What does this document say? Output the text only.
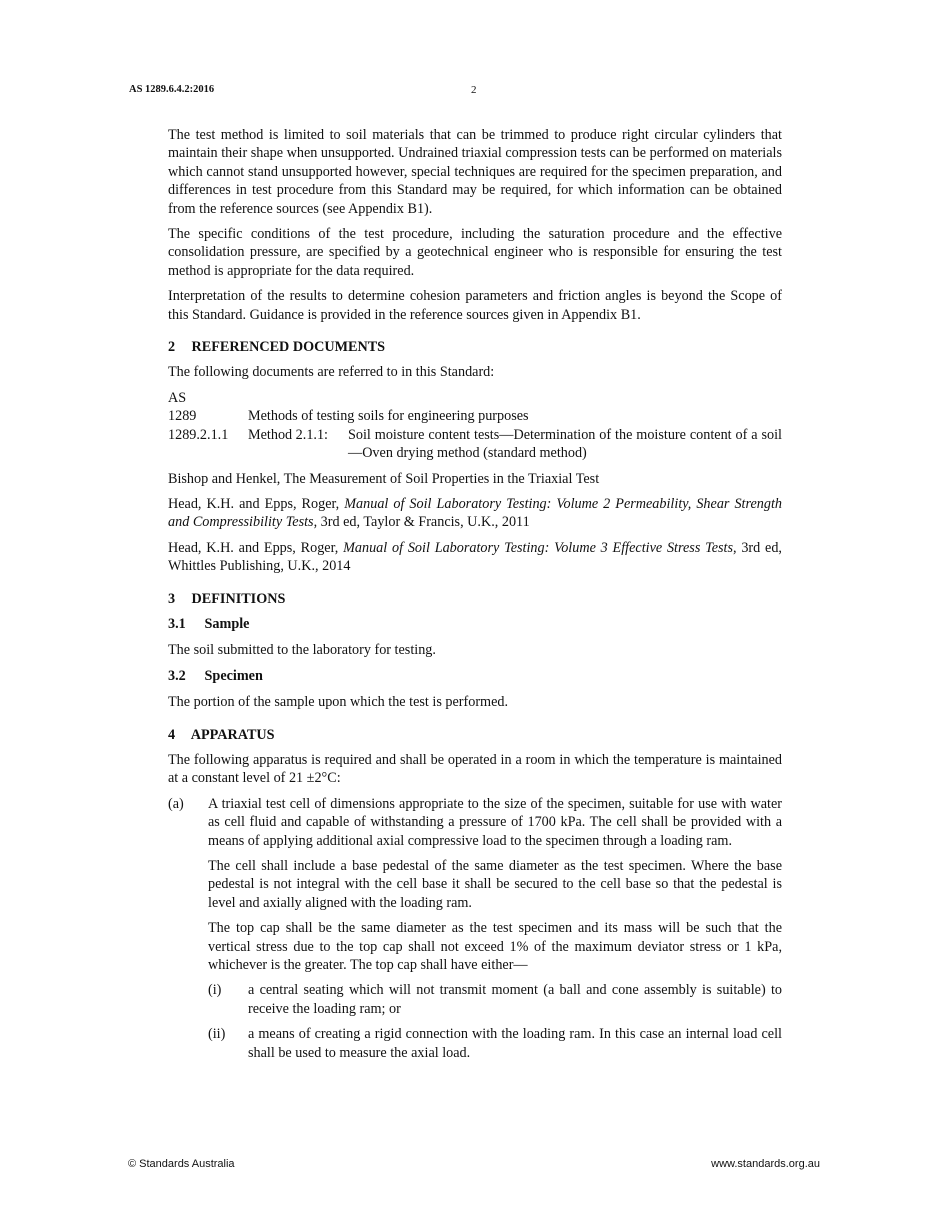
AS 1289.6.4.2:2016	2

The test method is limited to soil materials that can be trimmed to produce right circular cylinders that maintain their shape when unsupported. Undrained triaxial compression tests can be performed on materials which cannot stand unsupported however, special techniques are required for the specimen preparation, and differences in test procedure from this Standard may be required, for which information can be obtained from the reference sources (see Appendix B1).

The specific conditions of the test procedure, including the saturation procedure and the effective consolidation pressure, are specified by a geotechnical engineer who is responsible for ensuring the test method is appropriate for the data required.

Interpretation of the results to determine cohesion parameters and friction angles is beyond the Scope of this Standard. Guidance is provided in the reference sources given in Appendix B1.

2 REFERENCED DOCUMENTS

The following documents are referred to in this Standard:

AS
1289	Methods of testing soils for engineering purposes
1289.2.1.1	Method 2.1.1:	Soil moisture content tests—Determination of the moisture content of a soil—Oven drying method (standard method)

Bishop and Henkel, The Measurement of Soil Properties in the Triaxial Test

Head, K.H. and Epps, Roger, Manual of Soil Laboratory Testing: Volume 2 Permeability, Shear Strength and Compressibility Tests, 3rd ed, Taylor & Francis, U.K., 2011

Head, K.H. and Epps, Roger, Manual of Soil Laboratory Testing: Volume 3 Effective Stress Tests, 3rd ed, Whittles Publishing, U.K., 2014

3 DEFINITIONS
3.1 Sample

The soil submitted to the laboratory for testing.

3.2 Specimen

The portion of the sample upon which the test is performed.

4 APPARATUS

The following apparatus is required and shall be operated in a room in which the temperature is maintained at a constant level of 21 ±2°C:

(a)	A triaxial test cell of dimensions appropriate to the size of the specimen, suitable for use with water as cell fluid and capable of withstanding a pressure of 1700 kPa. The cell shall be provided with a means of applying additional axial compressive load to the specimen through a loading ram.

The cell shall include a base pedestal of the same diameter as the test specimen. Where the base pedestal is not integral with the cell base it shall be secured to the cell base so that the pedestal is level and axially aligned with the loading ram.

The top cap shall be the same diameter as the test specimen and its mass will be such that the vertical stress due to the top cap shall not exceed 1% of the maximum deviator stress or 1 kPa, whichever is the greater. The top cap shall have either—

(i)	a central seating which will not transmit moment (a ball and cone assembly is suitable) to receive the loading ram; or
(ii)	a means of creating a rigid connection with the loading ram. In this case an internal load cell shall be used to measure the axial load.
© Standards Australia	www.standards.org.au
